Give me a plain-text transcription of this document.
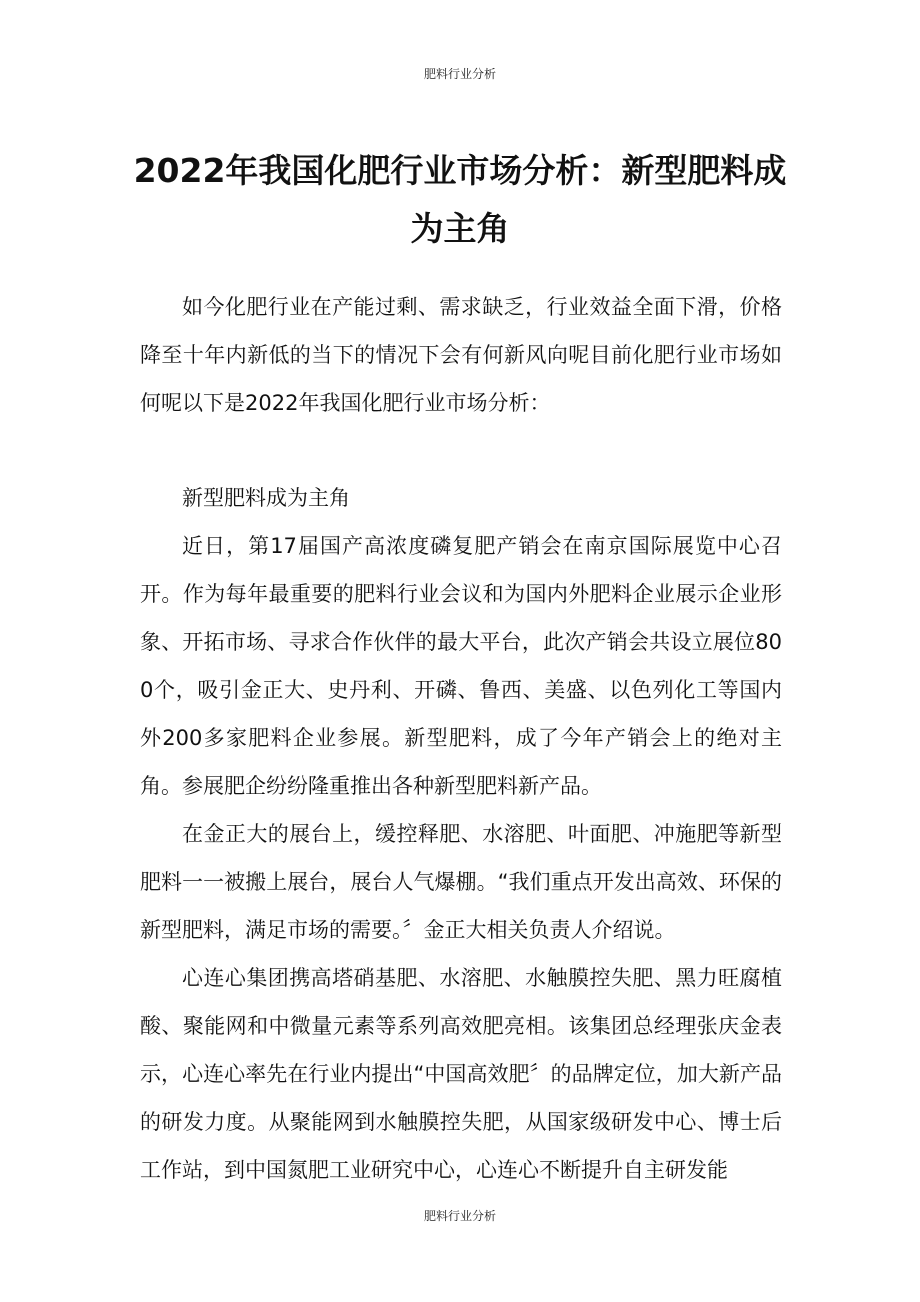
肥料行业分析
2022年我国化肥行业市场分析：新型肥料成为主角

如今化肥行业在产能过剩、需求缺乏，行业效益全面下滑，价格降至十年内新低的当下的情况下会有何新风向呢目前化肥行业市场如何呢以下是2022年我国化肥行业市场分析：

新型肥料成为主角

近日，第17届国产高浓度磷复肥产销会在南京国际展览中心召开。作为每年最重要的肥料行业会议和为国内外肥料企业展示企业形象、开拓市场、寻求合作伙伴的最大平台，此次产销会共设立展位800个，吸引金正大、史丹利、开磷、鲁西、美盛、以色列化工等国内外200多家肥料企业参展。新型肥料，成了今年产销会上的绝对主角。参展肥企纷纷隆重推出各种新型肥料新产品。

在金正大的展台上，缓控释肥、水溶肥、叶面肥、冲施肥等新型肥料一一被搬上展台，展台人气爆棚。“我们重点开发出高效、环保的新型肥料，满足市场的需要。〞金正大相关负责人介绍说。

心连心集团携高塔硝基肥、水溶肥、水触膜控失肥、黑力旺腐植酸、聚能网和中微量元素等系列高效肥亮相。该集团总经理张庆金表示，心连心率先在行业内提出“中国高效肥〞的品牌定位，加大新产品的研发力度。从聚能网到水触膜控失肥，从国家级研发中心、博士后工作站，到中国氮肥工业研究中心，心连心不断提升自主研发能

肥料行业分析
